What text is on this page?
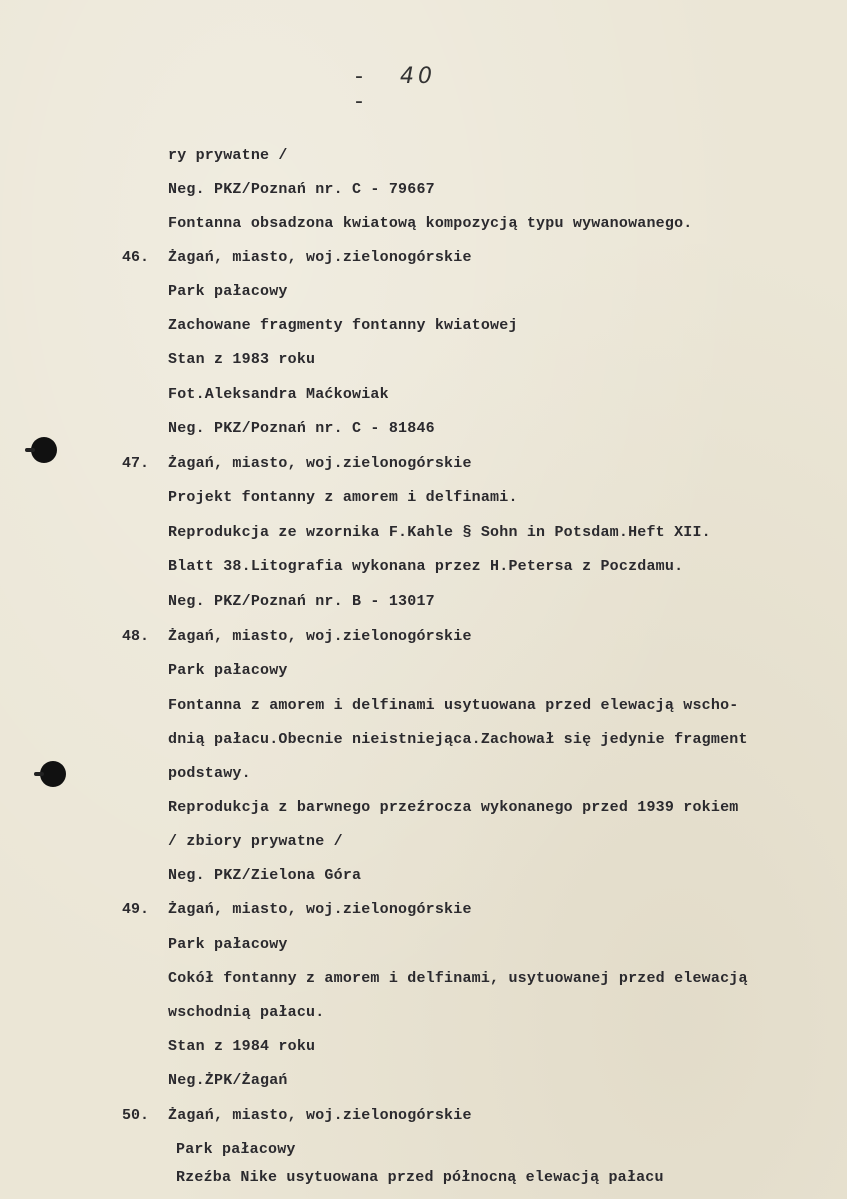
- 40 -
ry prywatne /
Neg. PKZ/Poznań nr. C - 79667
Fontanna obsadzona kwiatową kompozycją typu wywanowanego.
46. Żagań, miasto, woj.zielonogórskie
Park pałacowy
Zachowane fragmenty fontanny kwiatowej
Stan z 1983 roku
Fot.Aleksandra Maćkowiak
Neg. PKZ/Poznań nr. C - 81846
47. Żagań, miasto, woj.zielonogórskie
Projekt fontanny z amorem i delfinami.
Reprodukcja ze wzornika F.Kahle § Sohn in Potsdam.Heft XII.
Blatt 38.Litografia wykonana przez H.Petersa z Poczdamu.
Neg. PKZ/Poznań nr. B - 13017
48. Żagań, miasto, woj.zielonogórskie
Park pałacowy
Fontanna z amorem i delfinami usytuowana przed elewacją wscho-
dnią pałacu.Obecnie nieistniejąca.Zachował się jedynie fragment
podstawy.
Reprodukcja z barwnego przeźrocza wykonanego przed 1939 rokiem
/ zbiory prywatne /
Neg. PKZ/Zielona Góra
49. Żagań, miasto, woj.zielonogórskie
Park pałacowy
Cokół fontanny z amorem i delfinami, usytuowanej przed elewacją
wschodnią pałacu.
Stan z 1984 roku
Neg.ŻPK/Żagań
50. Żagań, miasto, woj.zielonogórskie
Park pałacowy
Rzeźba Nike usytuowana przed północną elewacją pałacu
